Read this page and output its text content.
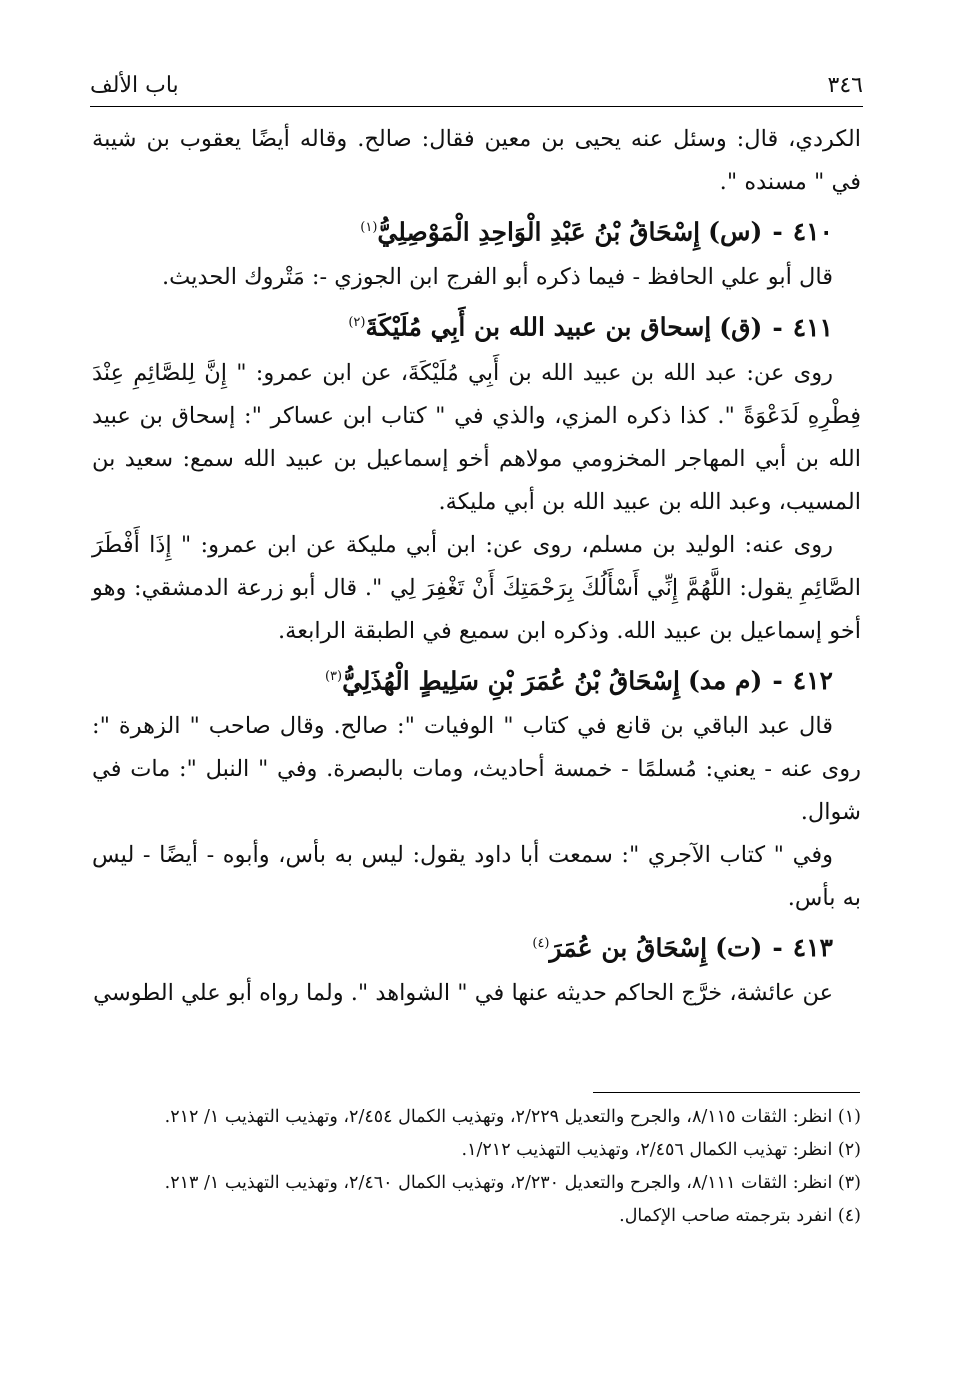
٣٤٦
باب الألف

الكردي، قال: وسئل عنه يحيى بن معين فقال: صالح. وقاله أيضًا يعقوب بن شيبة في " مسنده ".

٤١٠-(س)إِسْحَاقُ بْنُ عَبْدِ الْوَاحِدِ الْمَوْصِلِيُّ$^{(١)}$

قال أبو علي الحافظ - فيما ذكره أبو الفرج ابن الجوزي -: مَتْروك الحديث.

٤١١-(ق)إسحاق بن عبيد الله بن أَبِي مُلَيْكَةَ$^{(٢)}$

روى عن: عبد الله بن عبيد الله بن أَبِي مُلَيْكَةَ، عن ابن عمرو: " إِنَّ لِلصَّائِمِ عِنْدَ فِطْرِهِ لَدَعْوَةً ". كذا ذكره المزي، والذي في " كتاب ابن عساكر ": إسحاق بن عبيد الله بن أبي المهاجر المخزومي مولاهم أخو إسماعيل بن عبيد الله سمع: سعيد بن المسيب، وعبد الله بن عبيد الله بن أبي مليكة.

روى عنه: الوليد بن مسلم، روى عن: ابن أبي مليكة عن ابن عمرو: " إِذَا أَفْطَرَ الصَّائِمِ يقول: اللَّهُمَّ إِنِّي أَسْأَلُكَ بِرَحْمَتِكَ أَنْ تَغْفِرَ لِي ". قال أبو زرعة الدمشقي: وهو أخو إسماعيل بن عبيد الله. وذكره ابن سميع في الطبقة الرابعة.

٤١٢-(م مد)إِسْحَاقُ بْنُ عُمَرَ بْنِ سَلِيطٍ الْهُذَلِيُّ$^{(٣)}$

قال عبد الباقي بن قانع في كتاب " الوفيات ": صالح. وقال صاحب " الزهرة ": روى عنه - يعني: مُسلمًا - خمسة أحاديث، ومات بالبصرة. وفي " النبل ": مات في شوال.

وفي " كتاب الآجري ": سمعت أبا داود يقول: ليس به بأس، وأبوه - أيضًا - ليس به بأس.

٤١٣-(ت)إِسْحَاقُ بن عُمَرَ$^{(٤)}$

عن عائشة، خرَّج الحاكم حديثه عنها في " الشواهد ". ولما رواه أبو علي الطوسي

(١) انظر: الثقات ٨/١١٥، والجرح والتعديل ٢/٢٢٩، وتهذيب الكمال ٢/٤٥٤، وتهذيب التهذيب ١/ ٢١٢.

(٢) انظر: تهذيب الكمال ٢/٤٥٦، وتهذيب التهذيب ١/٢١٢.

(٣) انظر: الثقات ٨/١١١، والجرح والتعديل ٢/٢٣٠، وتهذيب الكمال ٢/٤٦٠، وتهذيب التهذيب ١/ ٢١٣.

(٤) انفرد بترجمته صاحب الإكمال.
